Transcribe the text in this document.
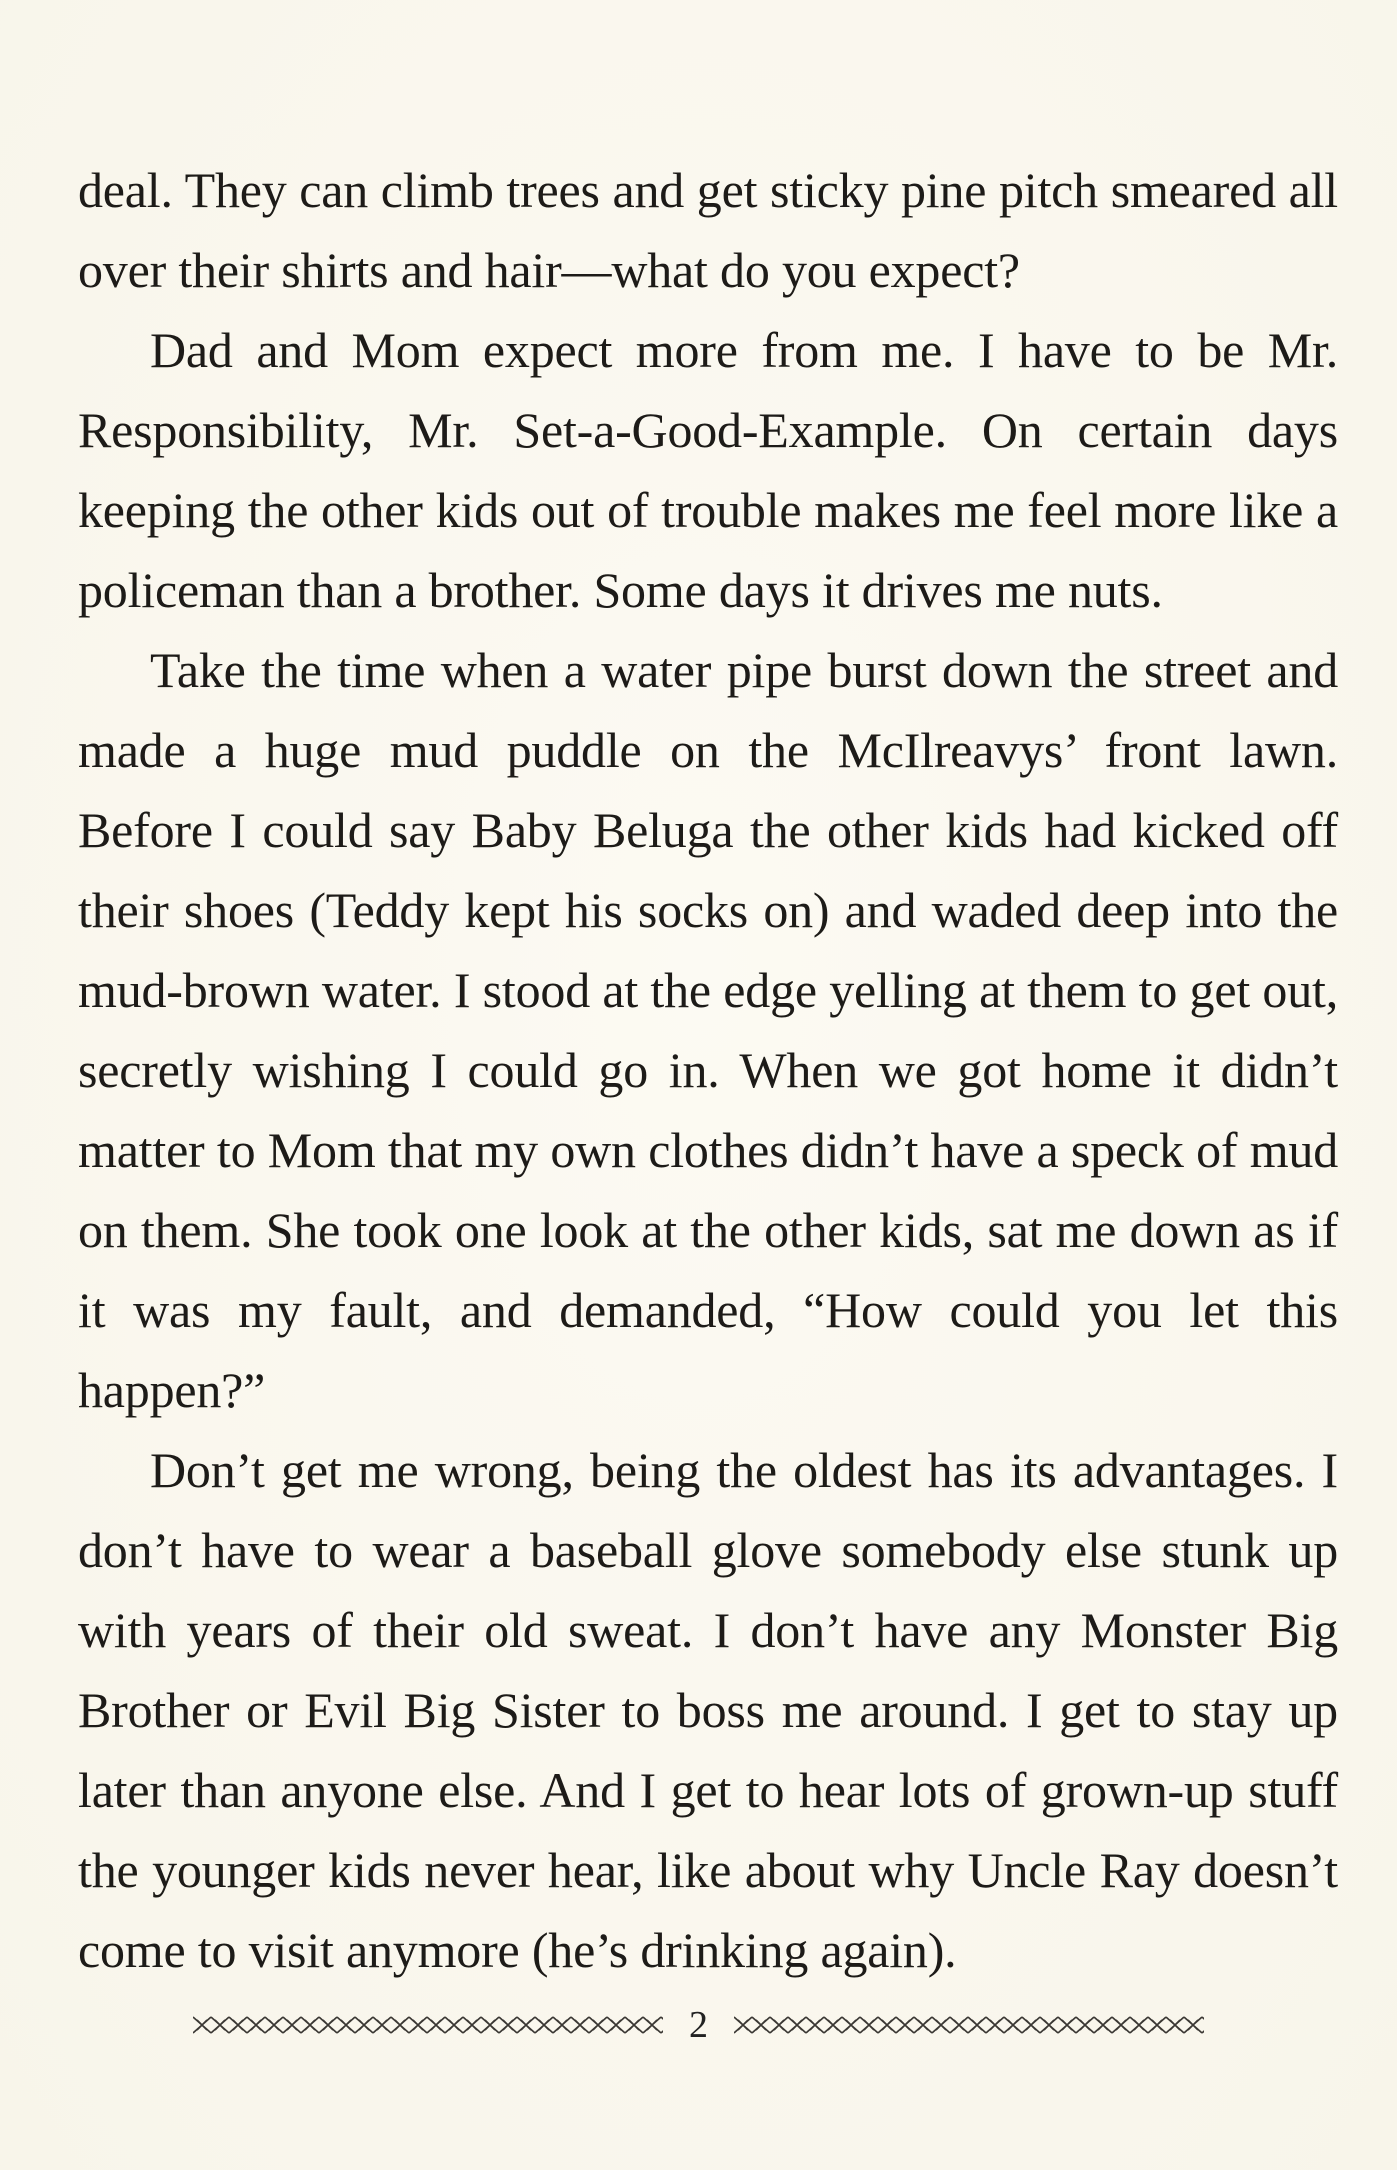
deal. They can climb trees and get sticky pine pitch smeared all over their shirts and hair—what do you expect?

Dad and Mom expect more from me. I have to be Mr. Responsibility, Mr. Set-a-Good-Example. On certain days keeping the other kids out of trouble makes me feel more like a policeman than a brother. Some days it drives me nuts.

Take the time when a water pipe burst down the street and made a huge mud puddle on the McIlreavys’ front lawn. Before I could say Baby Beluga the other kids had kicked off their shoes (Teddy kept his socks on) and waded deep into the mud-brown water. I stood at the edge yelling at them to get out, secretly wishing I could go in. When we got home it didn’t matter to Mom that my own clothes didn’t have a speck of mud on them. She took one look at the other kids, sat me down as if it was my fault, and demanded, “How could you let this happen?”

Don’t get me wrong, being the oldest has its advantages. I don’t have to wear a baseball glove somebody else stunk up with years of their old sweat. I don’t have any Monster Big Brother or Evil Big Sister to boss me around. I get to stay up later than anyone else. And I get to hear lots of grown-up stuff the younger kids never hear, like about why Uncle Ray doesn’t come to visit anymore (he’s drinking again).

2
